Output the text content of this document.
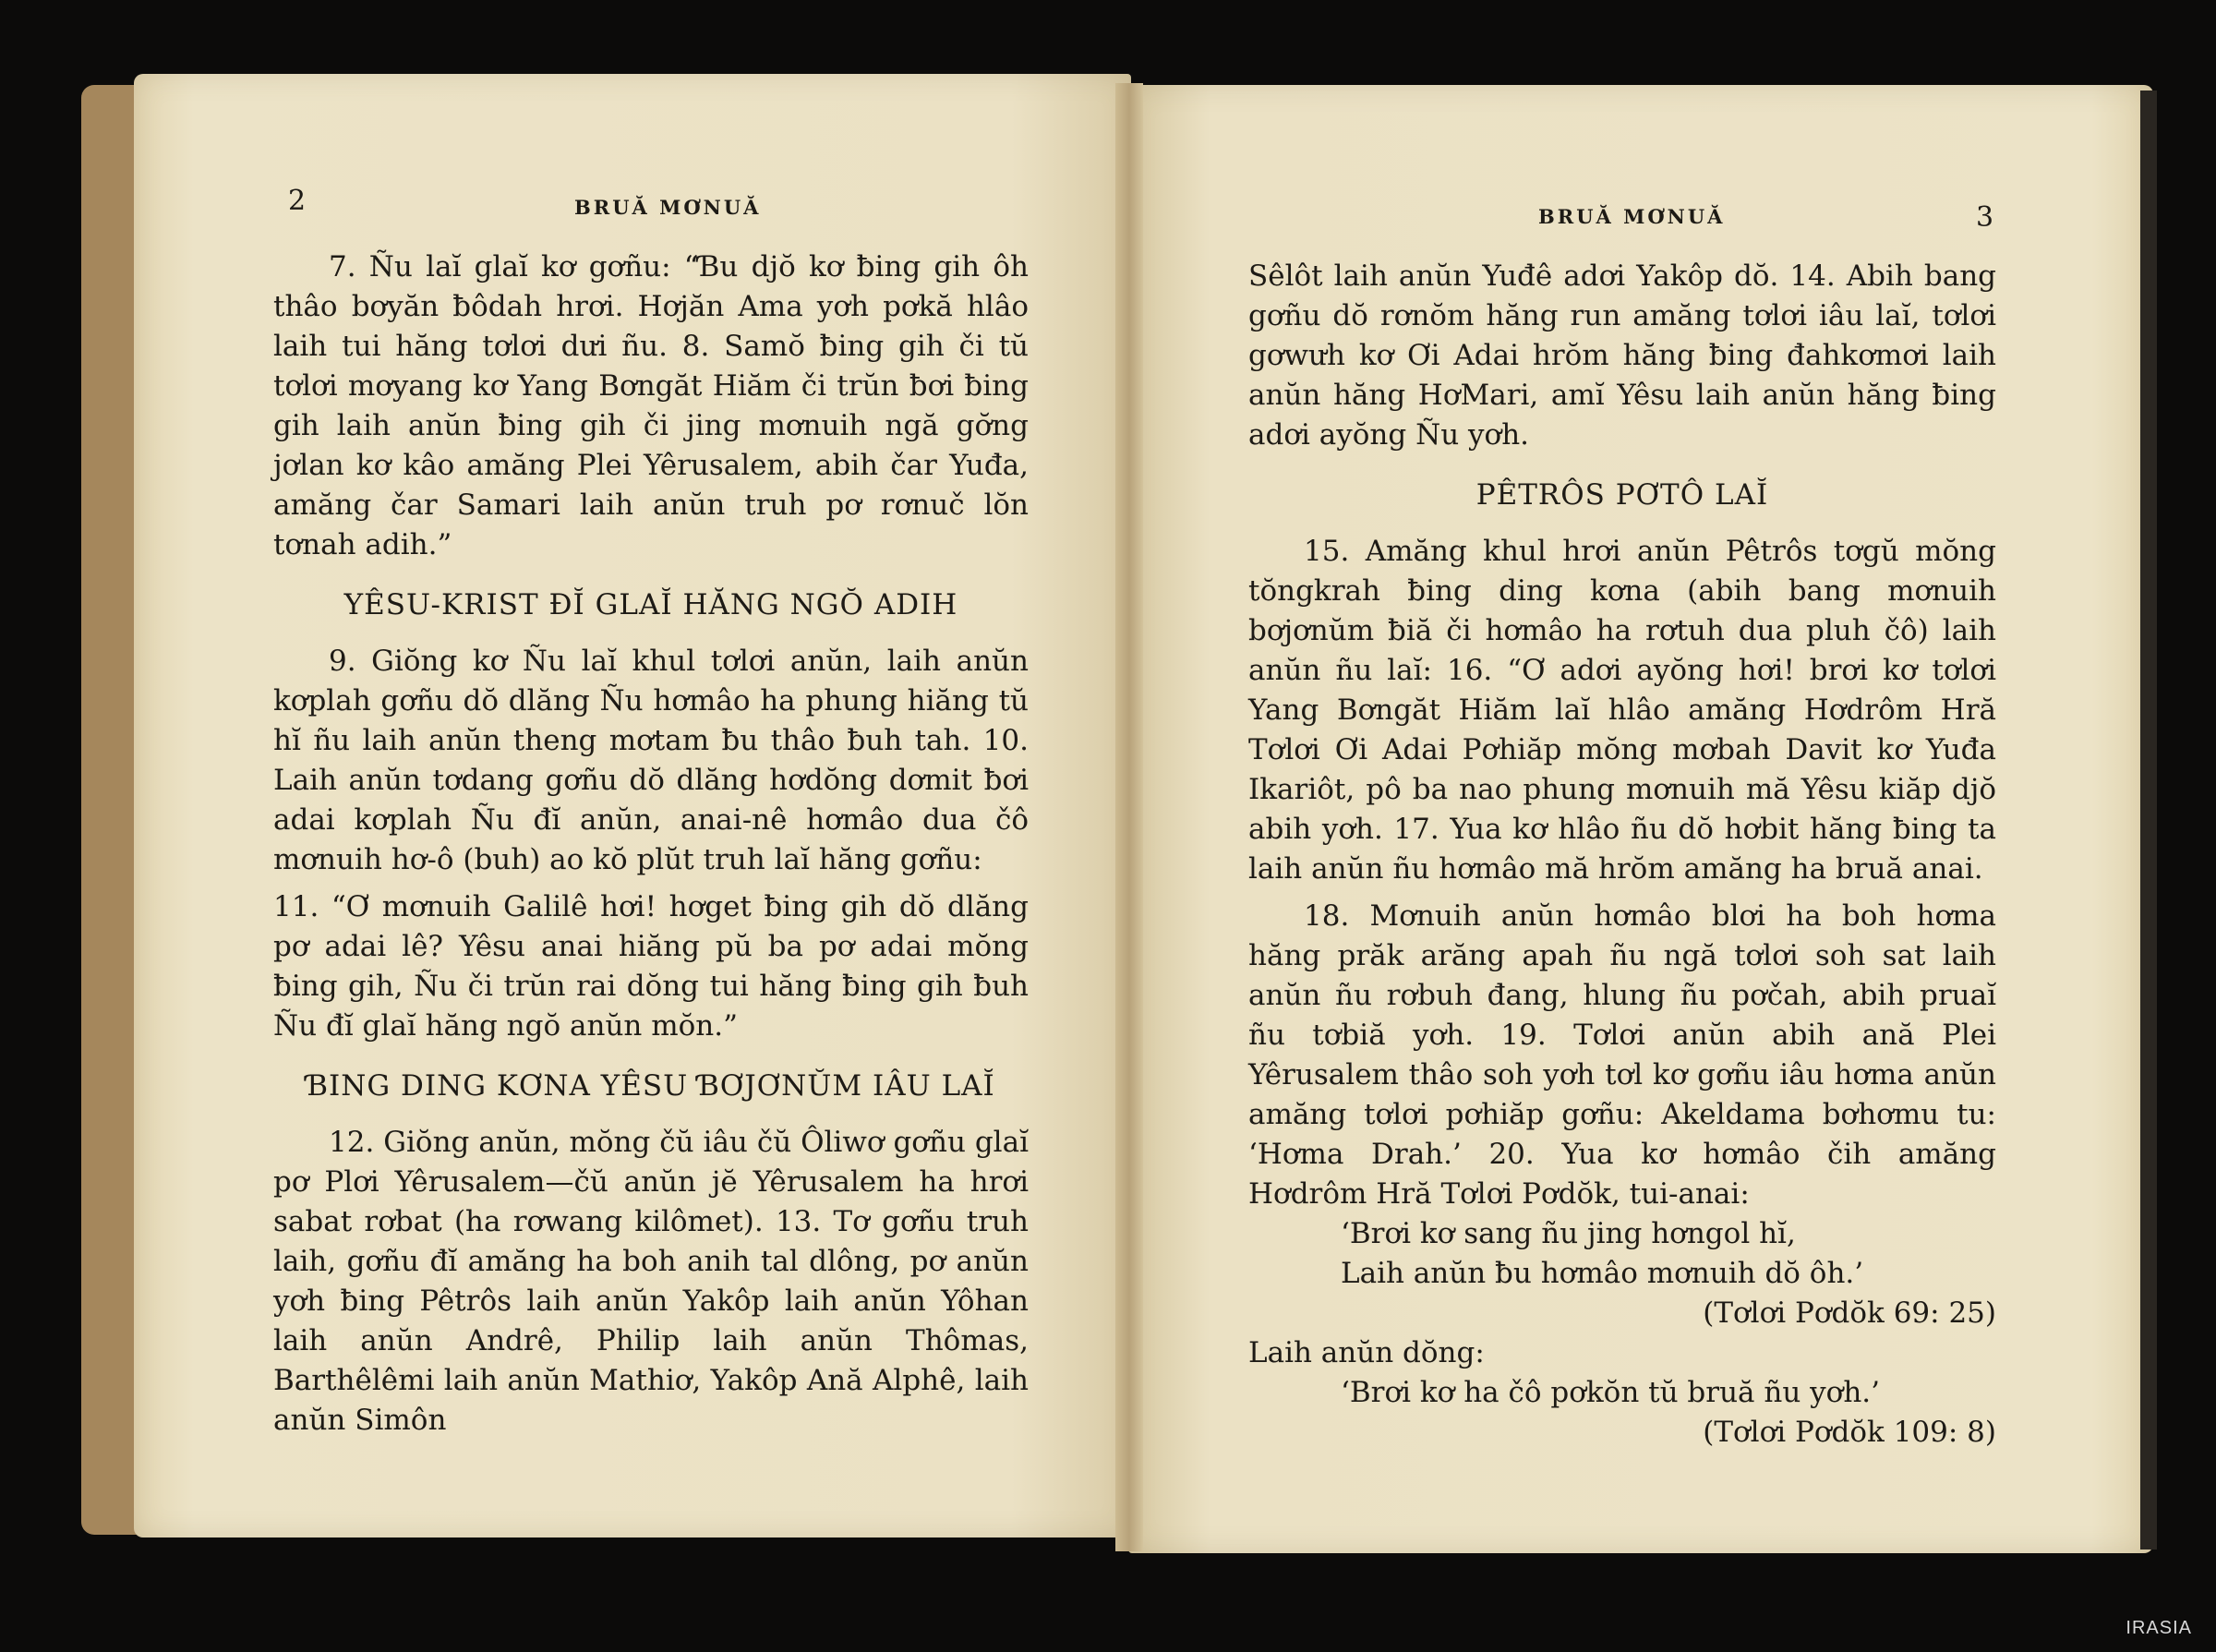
2	BRUĂ MƠNUĂ

7. Ñu laĭ glaĭ kơ gơñu: “Ɓu djŏ kơ ƀing gih ôh thâo bơyăn ƀôdah hrơi. Hơjăn Ama yơh pơkă hlâo laih tui hăng tơlơi dưi ñu. 8. Samŏ ƀing gih či tŭ tơlơi mơyang kơ Yang Bơngăt Hiăm či trŭn ƀơi ƀing gih laih anŭn ƀing gih či jing mơnuih ngă gơ̆ng jơlan kơ kâo amăng Plei Yêrusalem, abih čar Yuđa, amăng čar Samari laih anŭn truh pơ rơnuč lŏn tơnah adih.”

YÊSU-KRIST ĐĬ GLAĬ HĂNG NGŎ ADIH

9. Giŏng kơ Ñu laĭ khul tơlơi anŭn, laih anŭn kơplah gơñu dŏ dlăng Ñu hơmâo ha phung hiăng tŭ hĭ ñu laih anŭn theng mơtam ƀu thâo ƀuh tah. 10. Laih anŭn tơdang gơñu dŏ dlăng hơdŏng dơmit ƀơi adai kơplah Ñu đĭ anŭn, anai-nê hơmâo dua čô mơnuih hơ-ô (buh) ao kŏ plŭt truh laĭ hăng gơñu:

11. “Ơ mơnuih Galilê hơi! hơget ƀing gih dŏ dlăng pơ adai lê? Yêsu anai hiăng pŭ ba pơ adai mŏng ƀing gih, Ñu či trŭn rai dŏng tui hăng ƀing gih ƀuh Ñu đĭ glaĭ hăng ngŏ anŭn mŏn.”

ƁING DING KƠNA YÊSU ƁƠJƠNŬM IÂU LAĬ

12. Giŏng anŭn, mŏng čŭ iâu čŭ Ôliwơ gơñu glaĭ pơ Plơi Yêrusalem—čŭ anŭn jĕ Yêrusalem ha hrơi sabat rơbat (ha rơwang kilômet). 13. Tơ gơñu truh laih, gơñu đĭ amăng ha boh anih tal dlông, pơ anŭn yơh ƀing Pêtrôs laih anŭn Yakôp laih anŭn Yôhan laih anŭn Andrê, Philip laih anŭn Thômas, Barthêlêmi laih anŭn Mathiơ, Yakôp Ană Alphê, laih anŭn Simôn

BRUĂ MƠNUĂ	3

Sêlôt laih anŭn Yuđê adơi Yakôp dŏ. 14. Abih bang gơñu dŏ rơnŏm hăng run amăng tơlơi iâu laĭ, tơlơi gơwưh kơ Ơi Adai hrŏm hăng ƀing đahkơmơi laih anŭn hăng HơMari, amĭ Yêsu laih anŭn hăng ƀing adơi ayŏng Ñu yơh.

PÊTRÔS PƠTÔ LAĬ

15. Amăng khul hrơi anŭn Pêtrôs tơgŭ mŏng tŏngkrah ƀing ding kơna (abih bang mơnuih bơjơnŭm ƀiă či hơmâo ha rơtuh dua pluh čô) laih anŭn ñu laĭ: 16. “Ơ adơi ayŏng hơi! brơi kơ tơlơi Yang Bơngăt Hiăm laĭ hlâo amăng Hơdrôm Hră Tơlơi Ơi Adai Pơhiăp mŏng mơbah Davit kơ Yuđa Ikariôt, pô ba nao phung mơnuih mă Yêsu kiăp djŏ abih yơh. 17. Yua kơ hlâo ñu dŏ hơbit hăng ƀing ta laih anŭn ñu hơmâo mă hrŏm amăng ha bruă anai.

18. Mơnuih anŭn hơmâo blơi ha boh hơma hăng prăk arăng apah ñu ngă tơlơi soh sat laih anŭn ñu rơbuh đang, hlung ñu pơčah, abih pruaĭ ñu tơbiă yơh. 19. Tơlơi anŭn abih ană Plei Yêrusalem thâo soh yơh tơl kơ gơñu iâu hơma anŭn amăng tơlơi pơhiăp gơñu: Akeldama bơhơmu tu: ‘Hơma Drah.’ 20. Yua kơ hơmâo čih amăng Hơdrôm Hră Tơlơi Pơdŏk, tui-anai:

‘Brơi kơ sang ñu jing hơngol hĭ,

Laih anŭn ƀu hơmâo mơnuih dŏ ôh.’

(Tơlơi Pơdŏk 69: 25)

Laih anŭn dŏng:

‘Brơi kơ ha čô pơkŏn tŭ bruă ñu yơh.’

(Tơlơi Pơdŏk 109: 8)

IRASIA
